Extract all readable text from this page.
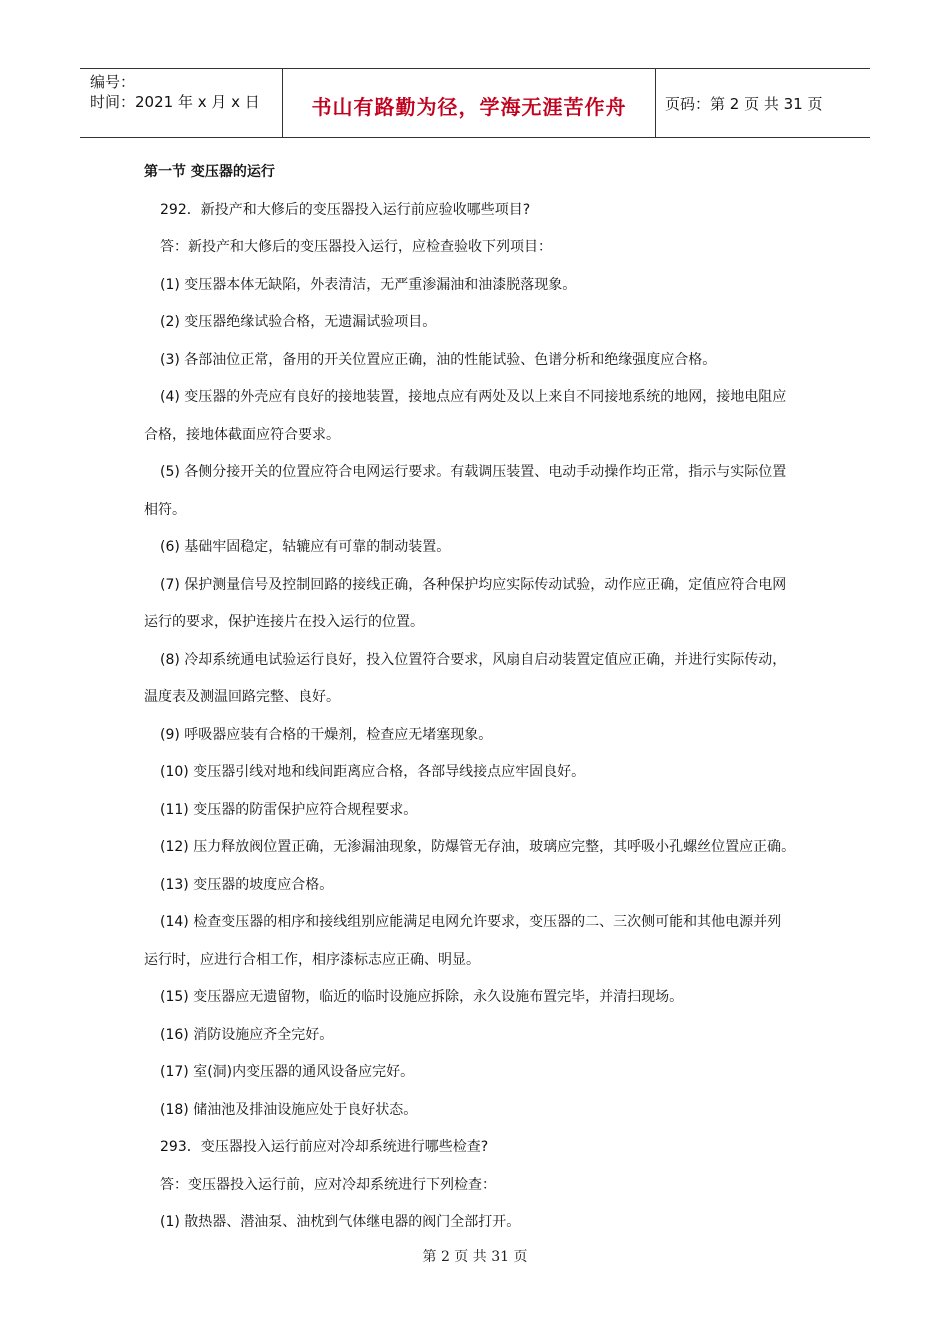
编号：
时间：2021 年 x 月 x 日	书山有路勤为径，学海无涯苦作舟	页码：第 2 页 共 31 页

第一节 变压器的运行

292．新投产和大修后的变压器投入运行前应验收哪些项目?

答：新投产和大修后的变压器投入运行，应检查验收下列项目：

(1) 变压器本体无缺陷，外表清洁，无严重渗漏油和油漆脱落现象。

(2) 变压器绝缘试验合格，无遗漏试验项目。

(3) 各部油位正常，备用的开关位置应正确，油的性能试验、色谱分析和绝缘强度应合格。

(4) 变压器的外壳应有良好的接地装置，接地点应有两处及以上来自不同接地系统的地网，接地电阻应

合格，接地体截面应符合要求。

(5) 各侧分接开关的位置应符合电网运行要求。有载调压装置、电动手动操作均正常，指示与实际位置

相符。

(6) 基础牢固稳定，轱辘应有可靠的制动装置。

(7) 保护测量信号及控制回路的接线正确，各种保护均应实际传动试验，动作应正确，定值应符合电网

运行的要求，保护连接片在投入运行的位置。

(8) 冷却系统通电试验运行良好，投入位置符合要求，风扇自启动装置定值应正确，并进行实际传动，

温度表及测温回路完整、良好。

(9) 呼吸器应装有合格的干燥剂，检查应无堵塞现象。

(10) 变压器引线对地和线间距离应合格，各部导线接点应牢固良好。

(11) 变压器的防雷保护应符合规程要求。

(12) 压力释放阀位置正确，无渗漏油现象，防爆管无存油，玻璃应完整，其呼吸小孔螺丝位置应正确。

(13) 变压器的坡度应合格。

(14) 检查变压器的相序和接线组别应能满足电网允许要求，变压器的二、三次侧可能和其他电源并列

运行时，应进行合相工作，相序漆标志应正确、明显。

(15) 变压器应无遗留物，临近的临时设施应拆除，永久设施布置完毕，并清扫现场。

(16) 消防设施应齐全完好。

(17) 室(洞)内变压器的通风设备应完好。

(18) 储油池及排油设施应处于良好状态。

293．变压器投入运行前应对冷却系统进行哪些检查?

答：变压器投入运行前，应对冷却系统进行下列检查：

(1) 散热器、潜油泵、油枕到气体继电器的阀门全部打开。

第 2 页 共 31 页
